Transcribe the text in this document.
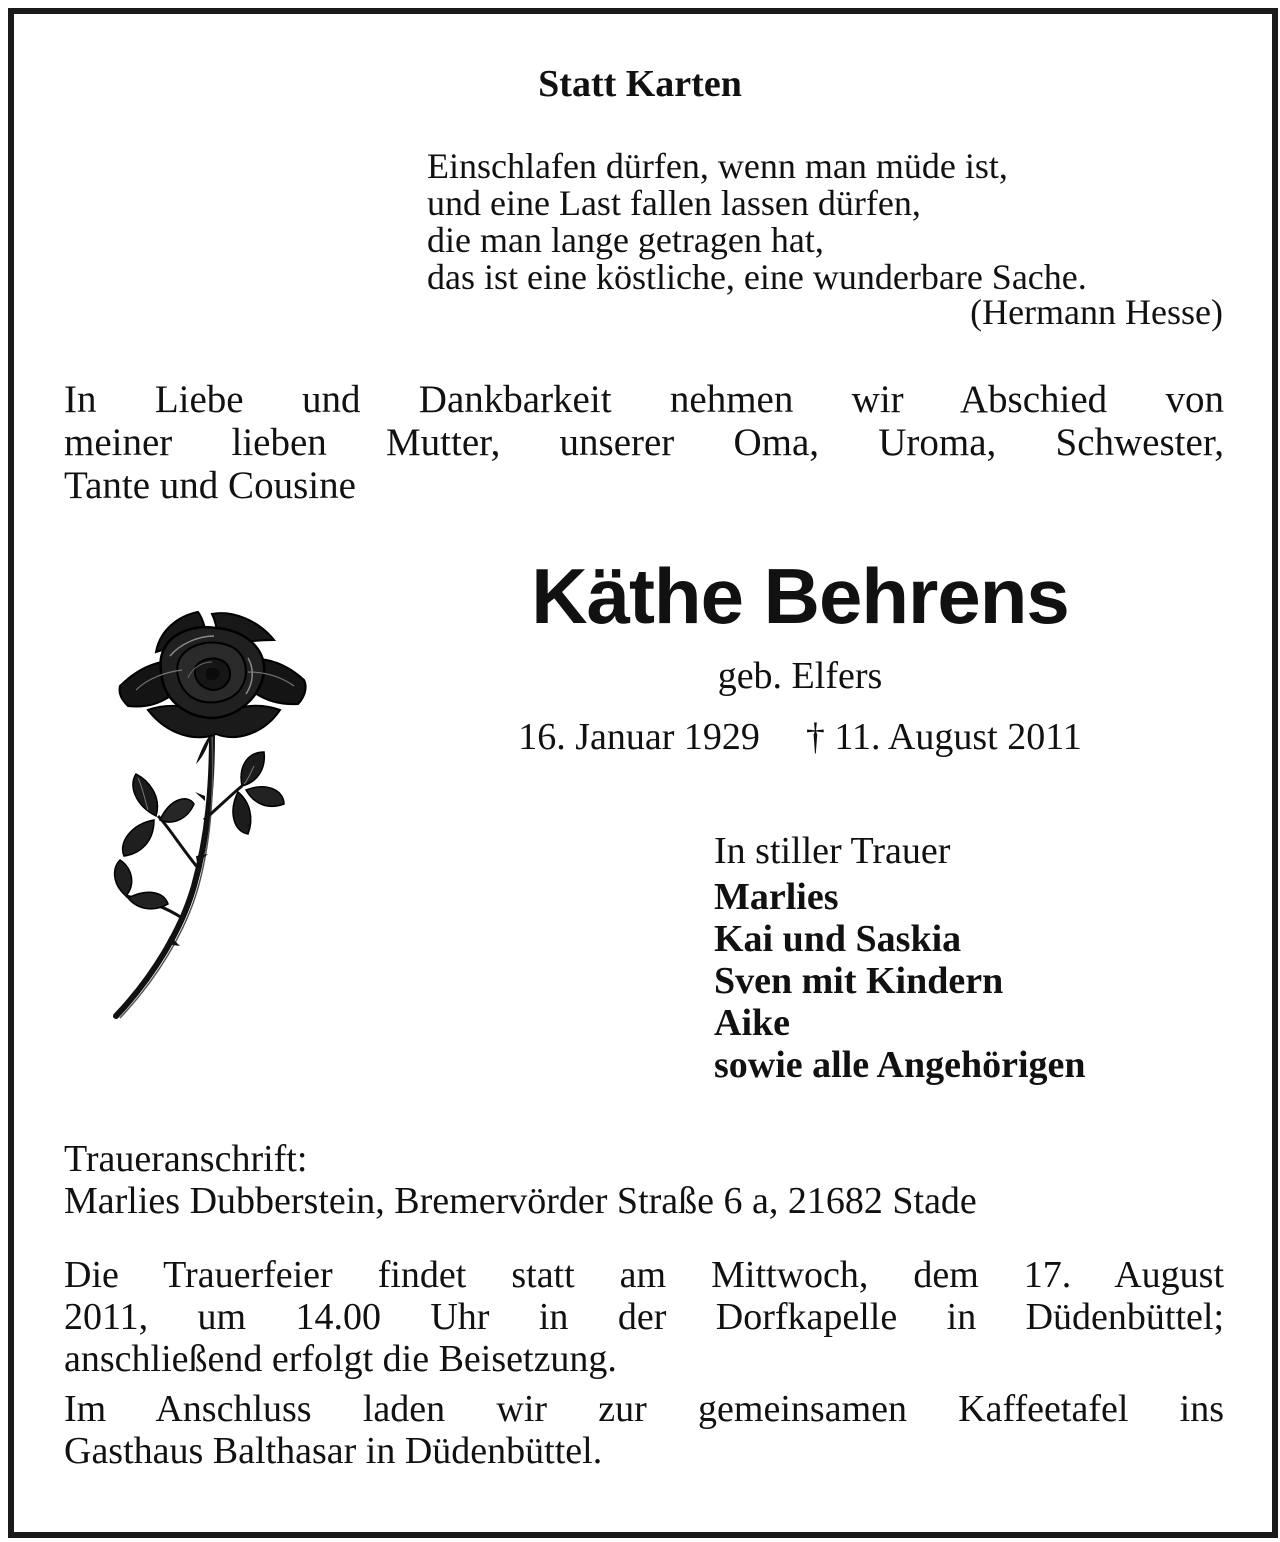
Statt Karten
Einschlafen dürfen, wenn man müde ist,
und eine Last fallen lassen dürfen,
die man lange getragen hat,
das ist eine köstliche, eine wunderbare Sache.
(Hermann Hesse)
In Liebe und Dankbarkeit nehmen wir Abschied von
meiner lieben Mutter, unserer Oma, Uroma, Schwester,
Tante und Cousine
Käthe Behrens
geb. Elfers
16. Januar 1929 † 11. August 2011
In stiller Trauer
Marlies
Kai und Saskia
Sven mit Kindern
Aike
sowie alle Angehörigen
Traueranschrift:
Marlies Dubberstein, Bremervörder Straße 6 a, 21682 Stade
Die Trauerfeier findet statt am Mittwoch, dem 17. August
2011, um 14.00 Uhr in der Dorfkapelle in Düdenbüttel;
anschließend erfolgt die Beisetzung.
Im Anschluss laden wir zur gemeinsamen Kaffeetafel ins
Gasthaus Balthasar in Düdenbüttel.
